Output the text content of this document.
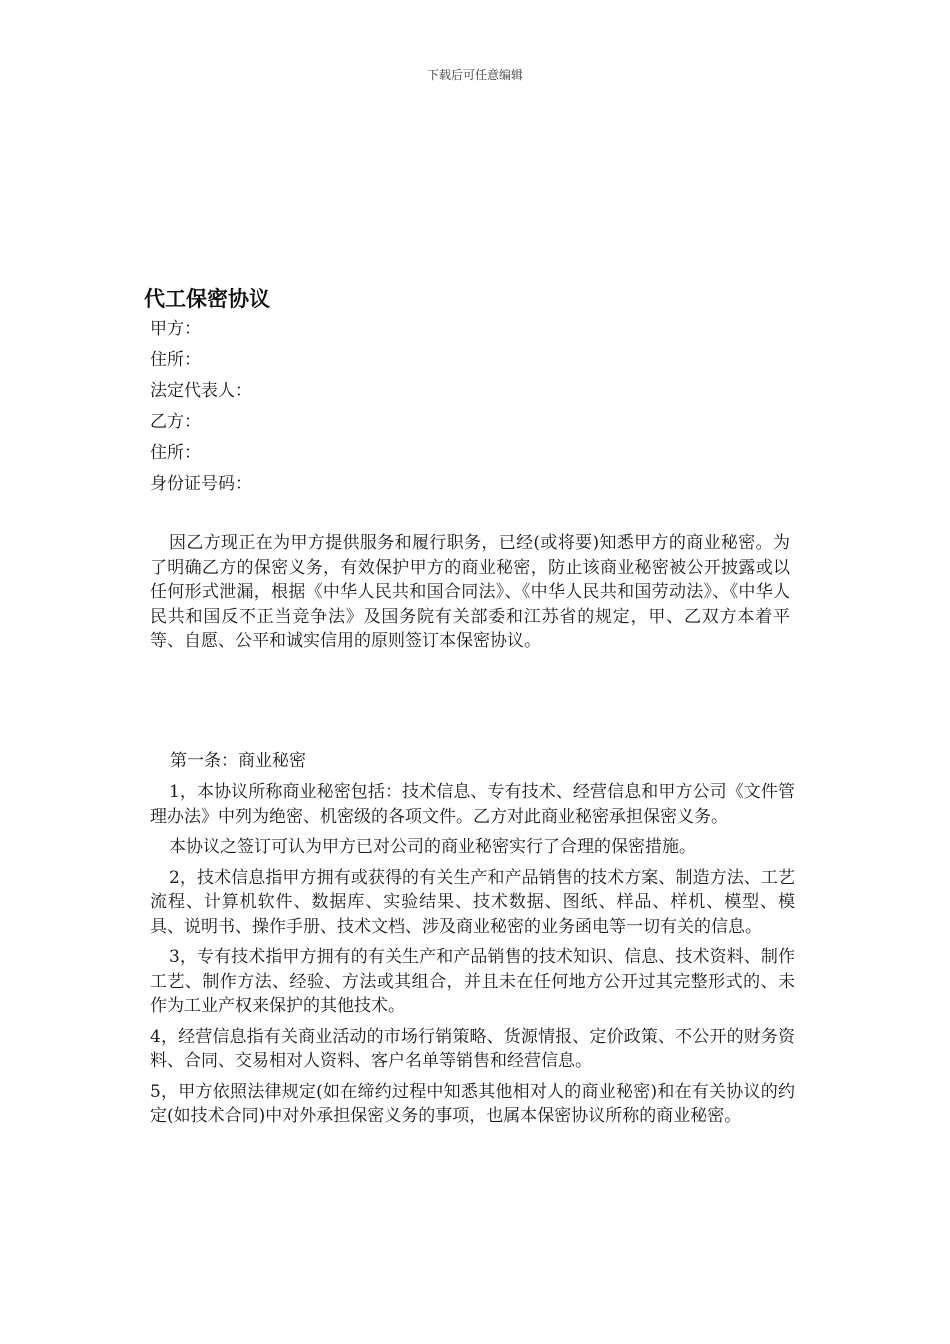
下载后可任意编辑
代工保密协议

甲方：

住所：

法定代表人：

乙方：

住所：

身份证号码：

因乙方现正在为甲方提供服务和履行职务，已经(或将要)知悉甲方的商业秘密。为了明确乙方的保密义务，有效保护甲方的商业秘密，防止该商业秘密被公开披露或以任何形式泄漏，根据《中华人民共和国合同法》、《中华人民共和国劳动法》、《中华人民共和国反不正当竞争法》及国务院有关部委和江苏省的规定，甲、乙双方本着平等、自愿、公平和诚实信用的原则签订本保密协议。

第一条：商业秘密

1，本协议所称商业秘密包括：技术信息、专有技术、经营信息和甲方公司《文件管理办法》中列为绝密、机密级的各项文件。乙方对此商业秘密承担保密义务。

本协议之签订可认为甲方已对公司的商业秘密实行了合理的保密措施。

2，技术信息指甲方拥有或获得的有关生产和产品销售的技术方案、制造方法、工艺流程、计算机软件、数据库、实验结果、技术数据、图纸、样品、样机、模型、模具、说明书、操作手册、技术文档、涉及商业秘密的业务函电等一切有关的信息。

3，专有技术指甲方拥有的有关生产和产品销售的技术知识、信息、技术资料、制作工艺、制作方法、经验、方法或其组合，并且未在任何地方公开过其完整形式的、未作为工业产权来保护的其他技术。

4，经营信息指有关商业活动的市场行销策略、货源情报、定价政策、不公开的财务资料、合同、交易相对人资料、客户名单等销售和经营信息。

5，甲方依照法律规定(如在缔约过程中知悉其他相对人的商业秘密)和在有关协议的约定(如技术合同)中对外承担保密义务的事项，也属本保密协议所称的商业秘密。
